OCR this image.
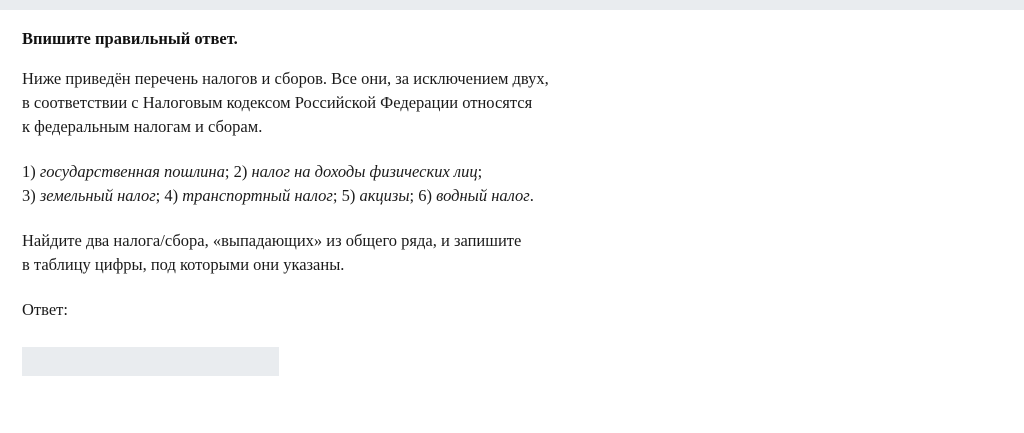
Впишите правильный ответ.

Ниже приведён перечень налогов и сборов. Все они, за исключением двух,
в соответствии с Налоговым кодексом Российской Федерации относятся
к федеральным налогам и сборам.

1) государственная пошлина; 2) налог на доходы физических лиц;
3) земельный налог; 4) транспортный налог; 5) акцизы; 6) водный налог.

Найдите два налога/сбора, «выпадающих» из общего ряда, и запишите
в таблицу цифры, под которыми они указаны.

Ответ:
